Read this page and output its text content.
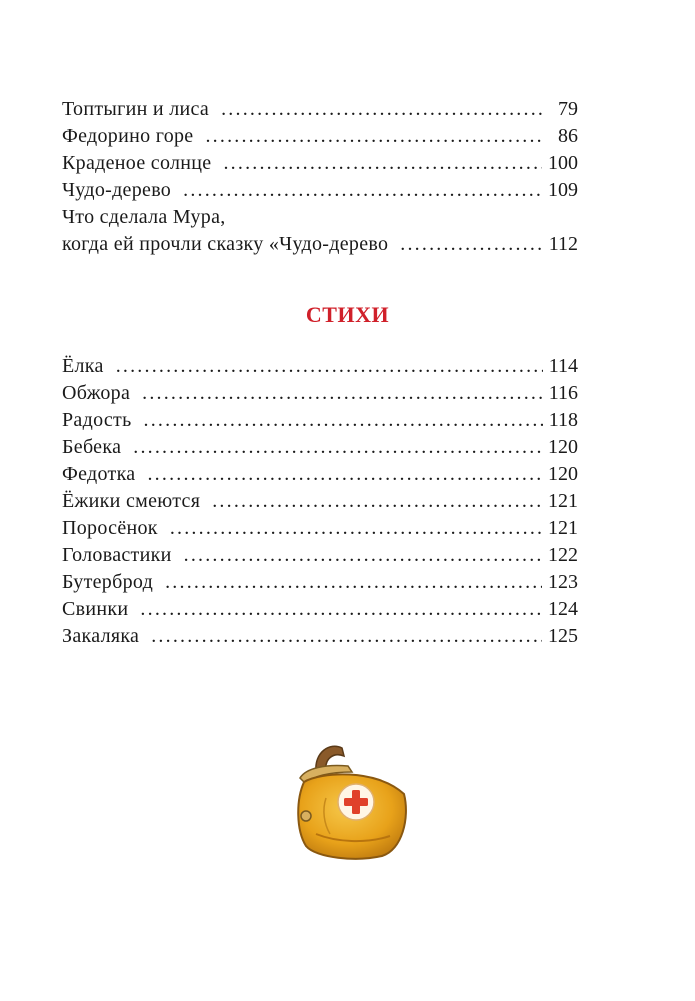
Топтыгин и лиса .....	79
Федорино горе .....	86
Краденое солнце .....	100
Чудо-дерево .....	109
Что сделала Мура,
когда ей прочли сказку «Чудо-дерево .....	112
СТИХИ
Ёлка .....	114
Обжора .....	116
Радость .....	118
Бебека .....	120
Федотка .....	120
Ёжики смеются .....	121
Поросёнок .....	121
Головастики .....	122
Бутерброд .....	123
Свинки .....	124
Закаляка .....	125
